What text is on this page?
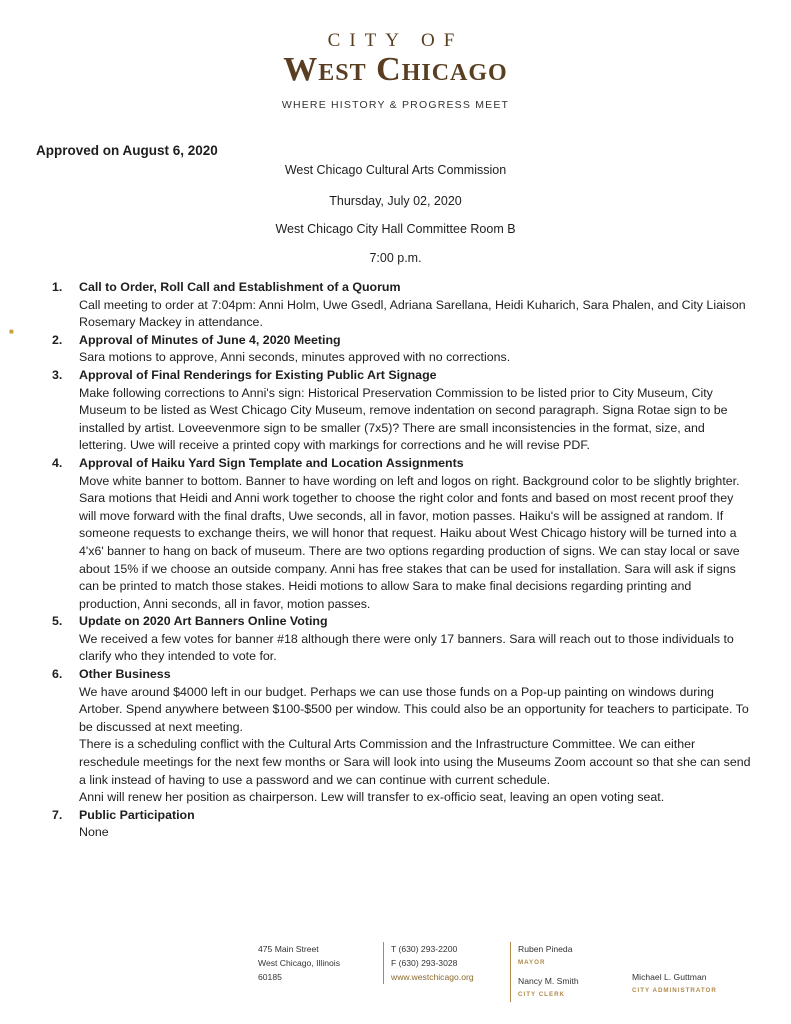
CITY OF
West Chicago
WHERE HISTORY & PROGRESS MEET
Approved on August 6, 2020
West Chicago Cultural Arts Commission
Thursday, July 02, 2020
West Chicago City Hall Committee Room B
7:00 p.m.
■
1. Call to Order, Roll Call and Establishment of a Quorum
Call meeting to order at 7:04pm: Anni Holm, Uwe Gsedl, Adriana Sarellana, Heidi Kuharich, Sara Phalen, and City Liaison Rosemary Mackey in attendance.
2. Approval of Minutes of June 4, 2020 Meeting
Sara motions to approve, Anni seconds, minutes approved with no corrections.
3. Approval of Final Renderings for Existing Public Art Signage
Make following corrections to Anni's sign: Historical Preservation Commission to be listed prior to City Museum, City Museum to be listed as West Chicago City Museum, remove indentation on second paragraph. Signa Rotae sign to be installed by artist. Loveevenmore sign to be smaller (7x5)? There are small inconsistencies in the format, size, and lettering. Uwe will receive a printed copy with markings for corrections and he will revise PDF.
4. Approval of Haiku Yard Sign Template and Location Assignments
Move white banner to bottom. Banner to have wording on left and logos on right. Background color to be slightly brighter. Sara motions that Heidi and Anni work together to choose the right color and fonts and based on most recent proof they will move forward with the final drafts, Uwe seconds, all in favor, motion passes. Haiku's will be assigned at random. If someone requests to exchange theirs, we will honor that request. Haiku about West Chicago history will be turned into a 4'x6' banner to hang on back of museum. There are two options regarding production of signs. We can stay local or save about 15% if we choose an outside company. Anni has free stakes that can be used for installation. Sara will ask if signs can be printed to match those stakes. Heidi motions to allow Sara to make final decisions regarding printing and production, Anni seconds, all in favor, motion passes.
5. Update on 2020 Art Banners Online Voting
We received a few votes for banner #18 although there were only 17 banners. Sara will reach out to those individuals to clarify who they intended to vote for.
6. Other Business
We have around $4000 left in our budget. Perhaps we can use those funds on a Pop-up painting on windows during Artober. Spend anywhere between $100-$500 per window. This could also be an opportunity for teachers to participate. To be discussed at next meeting.
There is a scheduling conflict with the Cultural Arts Commission and the Infrastructure Committee. We can either reschedule meetings for the next few months or Sara will look into using the Museums Zoom account so that she can send a link instead of having to use a password and we can continue with current schedule.
Anni will renew her position as chairperson. Lew will transfer to ex-officio seat, leaving an open voting seat.
7. Public Participation
None
475 Main Street
West Chicago, Illinois
60185
T (630) 293-2200
F (630) 293-3028
www.westchicago.org
Ruben Pineda
MAYOR
Nancy M. Smith
CITY CLERK
Michael L. Guttman
CITY ADMINISTRATOR
